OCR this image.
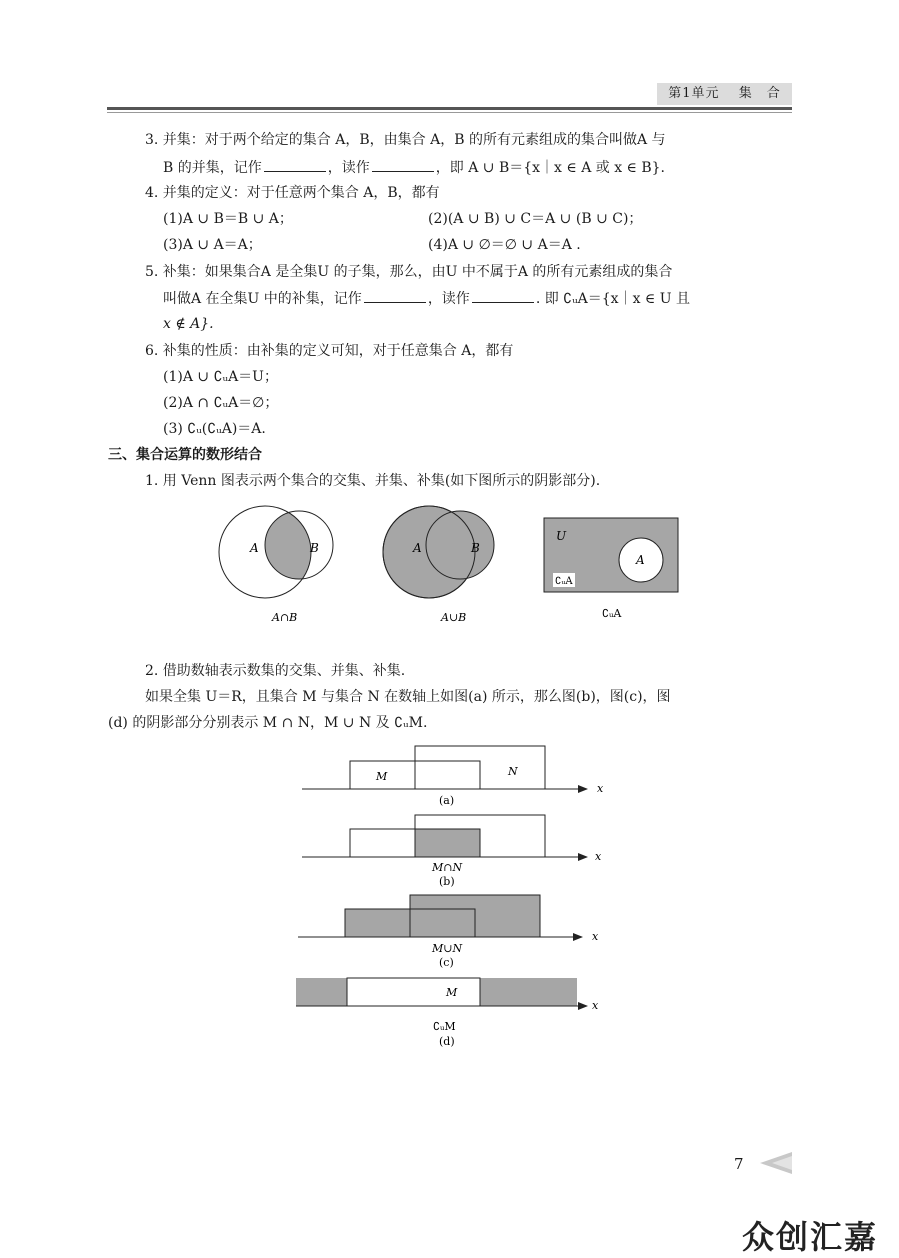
第1单元　 集　合
3. 并集：对于两个给定的集合 A，B，由集合 A，B 的所有元素组成的集合叫做A 与
B 的并集，记作	，读作	，即 A ∪ B＝{x｜x ∈ A 或 x ∈ B}.
4. 并集的定义：对于任意两个集合 A，B，都有
(1)A ∪ B＝B ∪ A；	(2)(A ∪ B) ∪ C＝A ∪ (B ∪ C)；
(3)A ∪ A＝A；	(4)A ∪ ∅＝∅ ∪ A＝A .
5. 补集：如果集合A 是全集U 的子集，那么，由U 中不属于A 的所有元素组成的集合
叫做A 在全集U 中的补集，记作	，读作	. 即 ∁ᵤA＝{x｜x ∈ U 且
x ∉ A}.
6. 补集的性质：由补集的定义可知，对于任意集合 A，都有
(1)A ∪ ∁ᵤA＝U；
(2)A ∩ ∁ᵤA＝∅；
(3) ∁ᵤ(∁ᵤA)＝A.
三、集合运算的数形结合
1. 用 Venn 图表示两个集合的交集、并集、补集(如下图所示的阴影部分).
A	B
A∩B
A	B
A∪B
U
A
∁ᵤA
∁ᵤA
2. 借助数轴表示数集的交集、并集、补集.
如果全集 U＝R，且集合 M 与集合 N 在数轴上如图(a) 所示，那么图(b)，图(c)，图
(d) 的阴影部分分别表示 M ∩ N，M ∪ N 及 ∁ᵤM.
M	N
x
(a)
x
M∩N
(b)
x
M∪N
(c)
M
x
∁ᵤM
(d)
7
众创汇嘉
